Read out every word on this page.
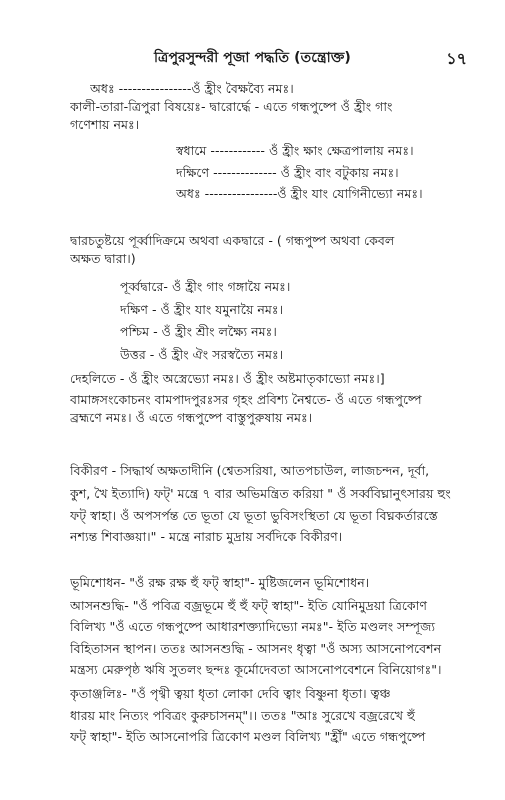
ত্রিপুরসুন্দরী পূজা পদ্ধতি (তন্ত্রোক্ত)	১৭
অধঃ ----------------ওঁ হ্রীং বৈক্ষব্যৈ নমঃ।
কালী-তারা-ত্রিপুরা বিষয়েঃ- দ্বারোর্দ্ধে - এতে গন্ধপুষ্পে ওঁ হ্রীং গাং
গণেশায় নমঃ।
স্বধামে ------------ ওঁ হ্রীং ক্ষাং ক্ষেত্রপালায় নমঃ।
দক্ষিণে -------------- ওঁ হ্রীং বাং বটুকায় নমঃ।
অধঃ ----------------ওঁ হ্রীং যাং যোগিনীভ্যো নমঃ।
দ্বারচতুষ্টয়ে পূর্ব্বাদিক্রমে অথবা একদ্বারে - ( গন্ধপুষ্প অথবা কেবল
অক্ষত দ্বারা।)
পূর্ব্বদ্বারে- ওঁ হ্রীং গাং গঙ্গায়ৈ নমঃ।
দক্ষিণ - ওঁ হ্রীং যাং যমুনায়ৈ নমঃ।
পশ্চিম - ওঁ হ্রীং শ্রীং লক্ষ্যৈ নমঃ।
উত্তর - ওঁ হ্রীং ঐং সরস্বত্যৈ নমঃ।
দেহলিতে - ওঁ হ্রীং অস্ত্রেভ্যো নমঃ। ওঁ হ্রীং অষ্টমাতৃকাভ্যো নমঃ।]
বামাঙ্গসংকোচনং বামপাদপুরঃসর গৃহং প্রবিশ্য নৈশ্বতে- ওঁ এতে গন্ধপুষ্পে
ব্রহ্মণে নমঃ। ওঁ এতে গন্ধপুষ্পে বাস্তুপুরুষায় নমঃ।
বিকীরণ - সিদ্ধার্থ অক্ষতাদীনি (শ্বেতসরিষা, আতপচাউল, লাজচন্দন, দূর্বা,
কুশ, খৈ ইত্যাদি) ফট্‌' মন্ত্রে ৭ বার অভিমন্ত্রিত করিয়া " ওঁ সর্ব্ববিঘ্নানুৎসারয় হুং
ফট্ স্বাহা। ওঁ অপসর্পন্ত তে ভূতা যে ভূতা ভুবিসংস্থিতা যে ভূতা বিঘ্নকর্তারস্তে
নশ্যন্ত শিবাজ্ঞয়া।" - মন্ত্রে নারাচ মুদ্রায় সর্বদিকে বিকীরণ।
ভূমিশোধন- "ওঁ রক্ষ রক্ষ হুঁ ফট্ স্বাহা"- মুষ্টিজলেন ভূমিশোধন।
আসনশুদ্ধি- "ওঁ পবিত্র বজ্রভূমে হুঁ হুঁ ফট্ স্বাহা"- ইতি যোনিমুদ্রয়া ত্রিকোণ
বিলিখ্য "ওঁ এতে গন্ধপুষ্পে আধারশক্ত্যাদিভ্যো নমঃ"- ইতি মণ্ডলং সম্পূজ্য
বিহিতাসন স্থাপন। ততঃ আসনশুদ্ধি - আসনং ধৃত্বা "ওঁ অস্য আসনোপবেশন
মন্ত্রস্য মেরুপৃষ্ঠ ঋষি সুতলং ছন্দঃ কূর্মোদেবতা আসনোপবেশনে বিনিয়োগঃ"।
কৃতাঞ্জলিঃ- "ওঁ পৃথ্বী ত্বয়া ধৃতা লোকা দেবি ত্বাং বিষ্ণুনা ধৃতা। ত্বঞ্চ
ধারয় মাং নিত্যং পবিত্রং কুরুচাসনম্"।। ততঃ "আঃ সুরেখে বজ্ররেখে হুঁ
ফট্ স্বাহা"- ইতি আসনোপরি ত্রিকোণ মণ্ডল বিলিখ্য "হ্রীঁ" এতে গন্ধপুষ্পে
